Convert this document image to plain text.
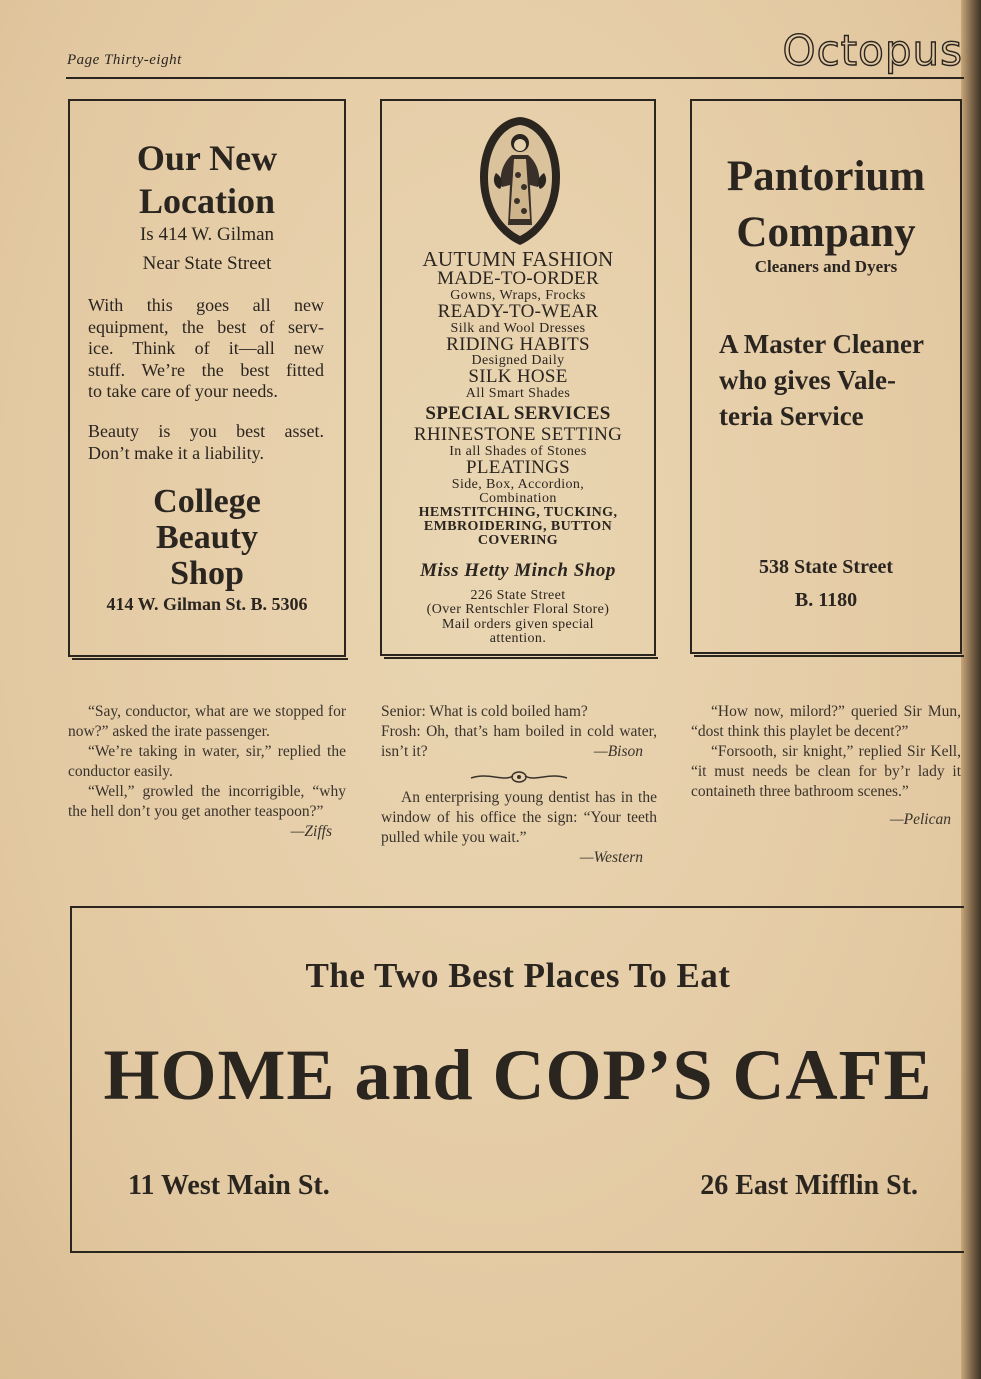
Page Thirty-eight	Octopus
Our New
Location
Is 414 W. Gilman
Near State Street
With this goes all new
equipment, the best of serv-
ice. Think of it—all new
stuff. We’re the best fitted
to take care of your needs.
Beauty is you best asset.
Don’t make it a liability.
College
Beauty
Shop
414 W. Gilman St. B. 5306
AUTUMN FASHION
MADE-TO-ORDER
Gowns, Wraps, Frocks
READY-TO-WEAR
Silk and Wool Dresses
RIDING HABITS
Designed Daily
SILK HOSE
All Smart Shades
SPECIAL SERVICES
RHINESTONE SETTING
In all Shades of Stones
PLEATINGS
Side, Box, Accordion,
Combination
HEMSTITCHING, TUCKING,
EMBROIDERING, BUTTON
COVERING
Miss Hetty Minch Shop
226 State Street
(Over Rentschler Floral Store)
Mail orders given special
attention.
Pantorium
Company
Cleaners and Dyers
A Master Cleaner
who gives Vale-
teria Service
538 State Street
B. 1180

“Say, conductor, what are we stopped for now?” asked the irate passenger.

“We’re taking in water, sir,” replied the conductor easily.

“Well,” growled the incorrigible, “why the hell don’t you get another teaspoon?”
—Ziffs

Senior: What is cold boiled ham?

Frosh: Oh, that’s ham boiled in cold water, isn’t it?	—Bison

An enterprising young dentist has in the window of his office the sign: “Your teeth pulled while you wait.”

—Western

“How now, milord?” queried Sir Mun, “dost think this playlet be decent?”

“Forsooth, sir knight,” replied Sir Kell, “it must needs be clean for by’r lady it containeth three bathroom scenes.”

—Pelican

The Two Best Places To Eat
HOME and COP’S CAFE
11 West Main St.	26 East Mifflin St.
